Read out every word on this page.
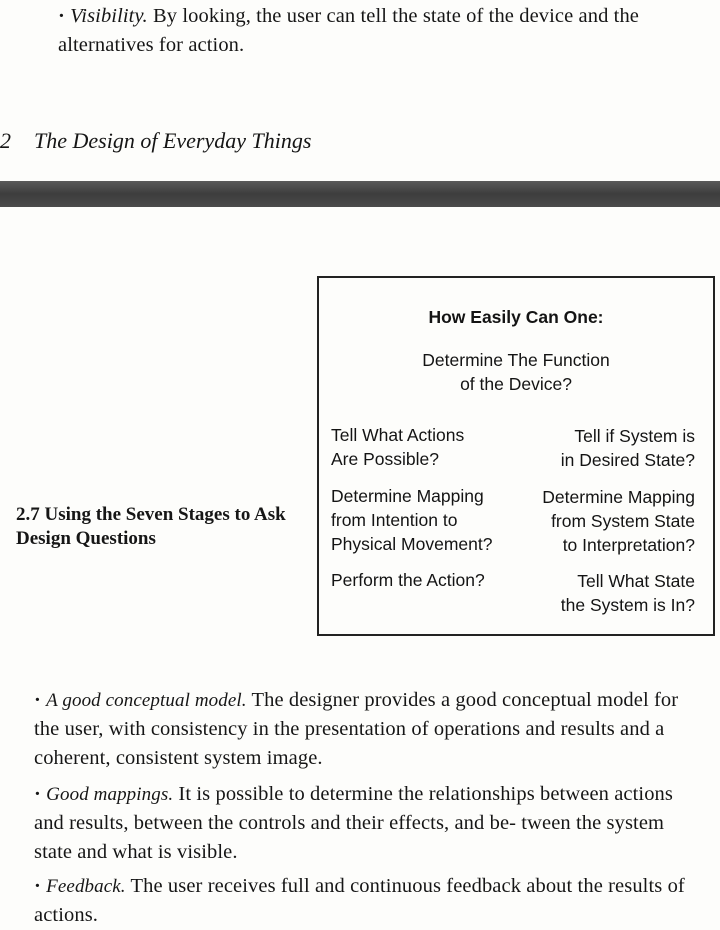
· Visibility. By looking, the user can tell the state of the device and the alternatives for action.
2 The Design of Everyday Things
2.7 Using the Seven Stages to Ask Design Questions
How Easily Can One:
Determine The Function
of the Device?
Tell What Actions
Are Possible?
Tell if System is
in Desired State?
Determine Mapping
from Intention to
Physical Movement?
Determine Mapping
from System State
to Interpretation?
Perform the Action?	Tell What State
the System is In?
· A good conceptual model. The designer provides a good conceptual model for the user, with consistency in the presentation of operations and results and a coherent, consistent system image.
· Good mappings. It is possible to determine the relationships between actions and results, between the controls and their effects, and be- tween the system state and what is visible.
· Feedback. The user receives full and continuous feedback about the results of actions.
